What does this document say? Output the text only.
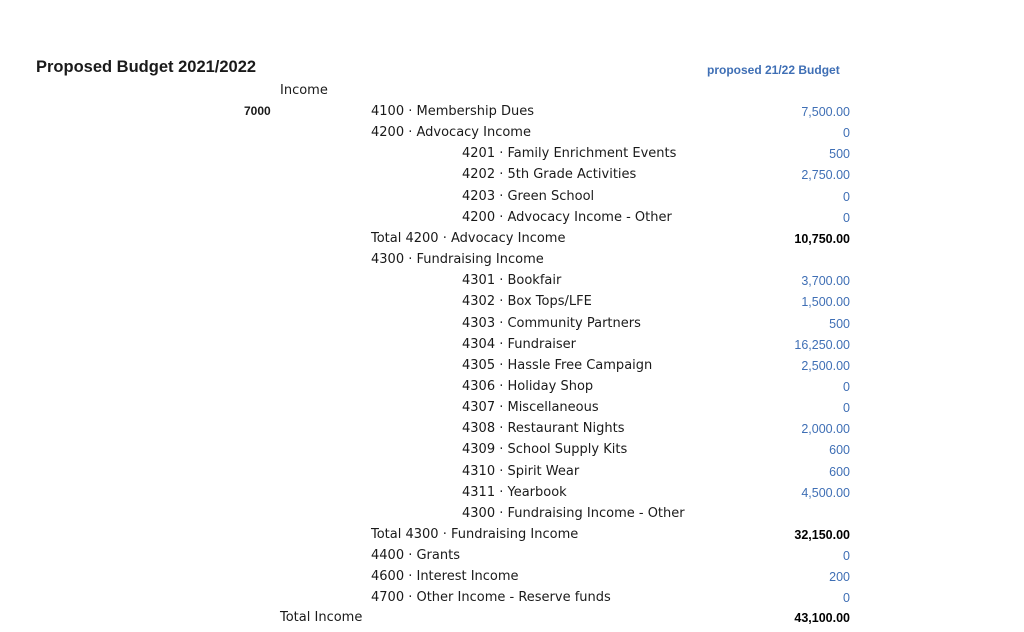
Proposed Budget 2021/2022	proposed 21/22 Budget
Income
7000	4100 · Membership Dues	7,500.00
4200 · Advocacy Income	0
4201 · Family Enrichment Events	500
4202 · 5th Grade Activities	2,750.00
4203 · Green School	0
4200 · Advocacy Income - Other	0
Total 4200 · Advocacy Income	10,750.00
4300 · Fundraising Income
4301 · Bookfair	3,700.00
4302 · Box Tops/LFE	1,500.00
4303 · Community Partners	500
4304 · Fundraiser	16,250.00
4305 · Hassle Free Campaign	2,500.00
4306 · Holiday Shop	0
4307 · Miscellaneous	0
4308 · Restaurant Nights	2,000.00
4309 · School Supply Kits	600
4310 · Spirit Wear	600
4311 · Yearbook	4,500.00
4300 · Fundraising Income - Other
Total 4300 · Fundraising Income	32,150.00
4400 · Grants	0
4600 · Interest Income	200
4700 · Other Income - Reserve funds	0
Total Income	43,100.00
